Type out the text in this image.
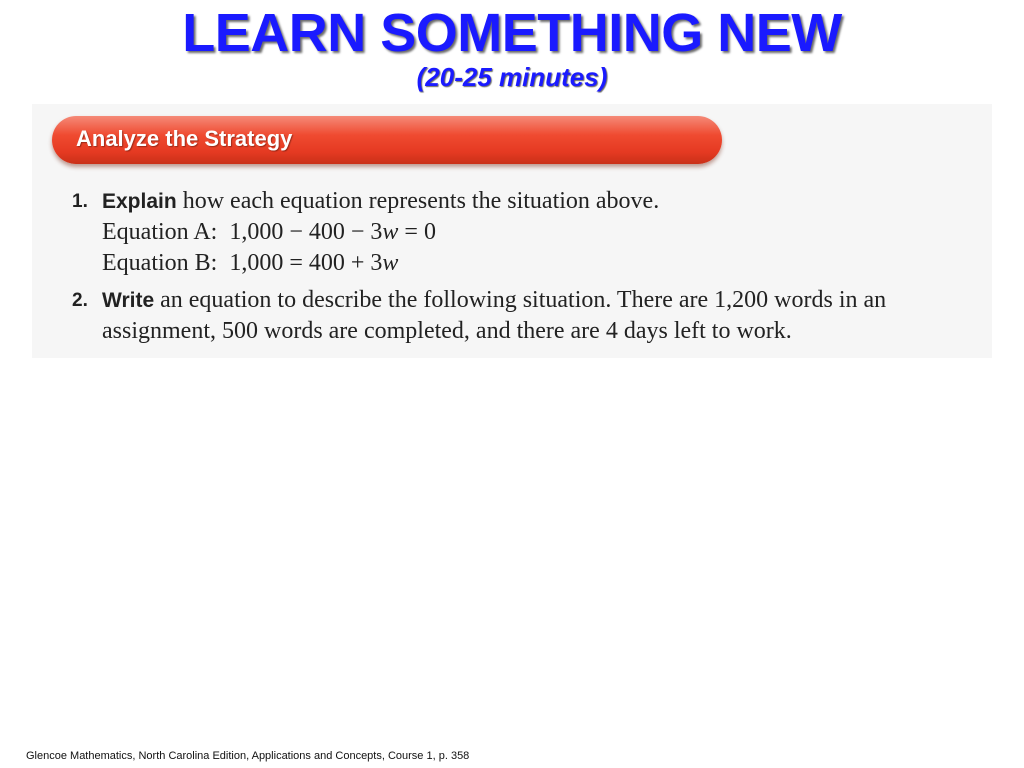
LEARN SOMETHING NEW
(20-25 minutes)
Analyze the Strategy
1. Explain how each equation represents the situation above.
Equation A:  1,000 − 400 − 3w = 0
Equation B:  1,000 = 400 + 3w
2. Write an equation to describe the following situation. There are 1,200 words in an assignment, 500 words are completed, and there are 4 days left to work.
Glencoe Mathematics, North Carolina Edition, Applications and Concepts, Course 1, p. 358
